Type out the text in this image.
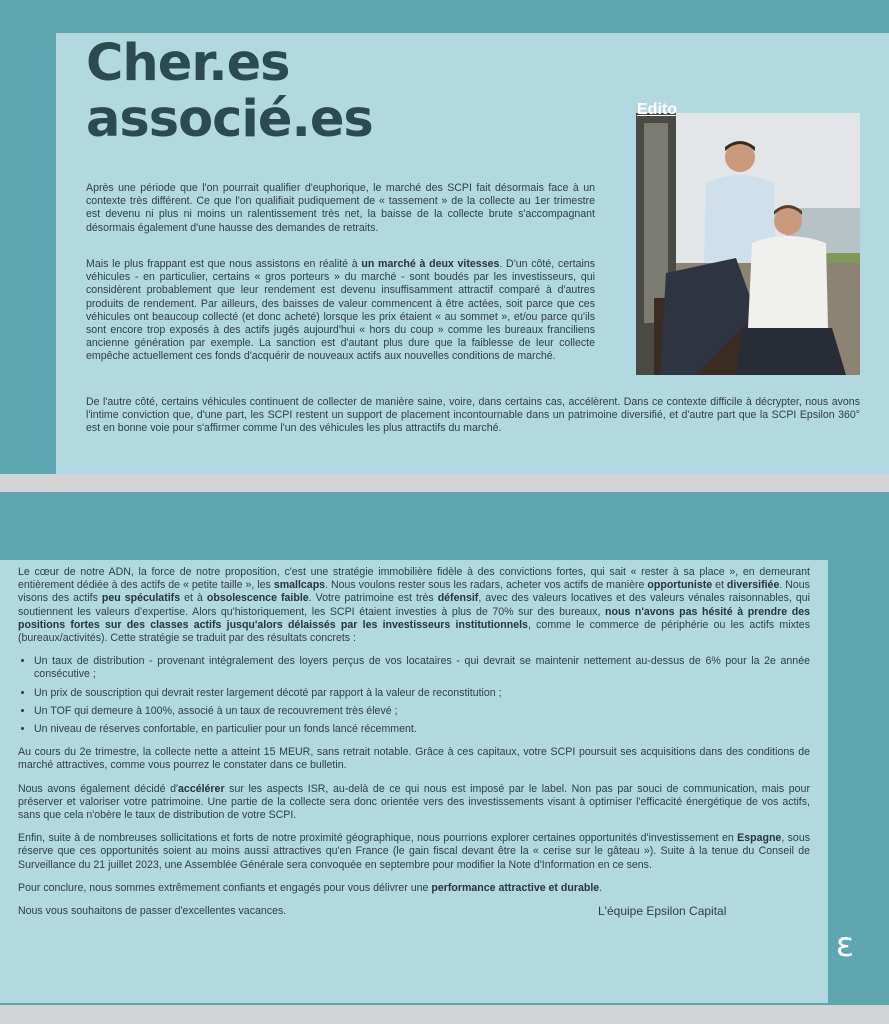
Cher.es
associé.es	Edito

Après une période que l'on pourrait qualifier d'euphorique, le marché des SCPI fait désormais face à un contexte très différent. Ce que l'on qualifiait pudiquement de « tassement » de la collecte au 1er trimestre est devenu ni plus ni moins un ralentissement très net, la baisse de la collecte brute s'accompagnant désormais également d'une hausse des demandes de retraits.

Mais le plus frappant est que nous assistons en réalité à un marché à deux vitesses. D'un côté, certains véhicules - en particulier, certains « gros porteurs » du marché - sont boudés par les investisseurs, qui considèrent probablement que leur rendement est devenu insuffisamment attractif comparé à d'autres produits de rendement. Par ailleurs, des baisses de valeur commencent à être actées, soit parce que ces véhicules ont beaucoup collecté (et donc acheté) lorsque les prix étaient « au sommet », et/ou parce qu'ils sont encore trop exposés à des actifs jugés aujourd'hui « hors du coup » comme les bureaux franciliens ancienne génération par exemple. La sanction est d'autant plus dure que la faiblesse de leur collecte empêche actuellement ces fonds d'acquérir de nouveaux actifs aux nouvelles conditions de marché.

De l'autre côté, certains véhicules continuent de collecter de manière saine, voire, dans certains cas, accélèrent. Dans ce contexte difficile à décrypter, nous avons l'intime conviction que, d'une part, les SCPI restent un support de placement incontournable dans un patrimoine diversifié, et d'autre part que la SCPI Epsilon 360° est en bonne voie pour s'affirmer comme l'un des véhicules les plus attractifs du marché.

Le cœur de notre ADN, la force de notre proposition, c'est une stratégie immobilière fidèle à des convictions fortes, qui sait « rester à sa place », en demeurant entièrement dédiée à des actifs de « petite taille », les smallcaps. Nous voulons rester sous les radars, acheter vos actifs de manière opportuniste et diversifiée. Nous visons des actifs peu spéculatifs et à obsolescence faible. Votre patrimoine est très défensif, avec des valeurs locatives et des valeurs vénales raisonnables, qui soutiennent les valeurs d'expertise. Alors qu'historiquement, les SCPI étaient investies à plus de 70% sur des bureaux, nous n'avons pas hésité à prendre des positions fortes sur des classes actifs jusqu'alors délaissés par les investisseurs institutionnels, comme le commerce de périphérie ou les actifs mixtes (bureaux/activités). Cette stratégie se traduit par des résultats concrets :

• Un taux de distribution - provenant intégralement des loyers perçus de vos locataires - qui devrait se maintenir nettement au-dessus de 6% pour la 2e année consécutive ;
• Un prix de souscription qui devrait rester largement décoté par rapport à la valeur de reconstitution ;
• Un TOF qui demeure à 100%, associé à un taux de recouvrement très élevé ;
• Un niveau de réserves confortable, en particulier pour un fonds lancé récemment.

Au cours du 2e trimestre, la collecte nette a atteint 15 MEUR, sans retrait notable. Grâce à ces capitaux, votre SCPI poursuit ses acquisitions dans des conditions de marché attractives, comme vous pourrez le constater dans ce bulletin.

Nous avons également décidé d'accélérer sur les aspects ISR, au-delà de ce qui nous est imposé par le label. Non pas par souci de communication, mais pour préserver et valoriser votre patrimoine. Une partie de la collecte sera donc orientée vers des investissements visant à optimiser l'efficacité énergétique de vos actifs, sans que cela n'obère le taux de distribution de votre SCPI.

Enfin, suite à de nombreuses sollicitations et forts de notre proximité géographique, nous pourrions explorer certaines opportunités d'investissement en Espagne, sous réserve que ces opportunités soient au moins aussi attractives qu'en France (le gain fiscal devant être la « cerise sur le gâteau »). Suite à la tenue du Conseil de Surveillance du 21 juillet 2023, une Assemblée Générale sera convoquée en septembre pour modifier la Note d'Information en ce sens.

Pour conclure, nous sommes extrêmement confiants et engagés pour vous délivrer une performance attractive et durable.

Nous vous souhaitons de passer d'excellentes vacances.	L'équipe Epsilon Capital
ɛ
